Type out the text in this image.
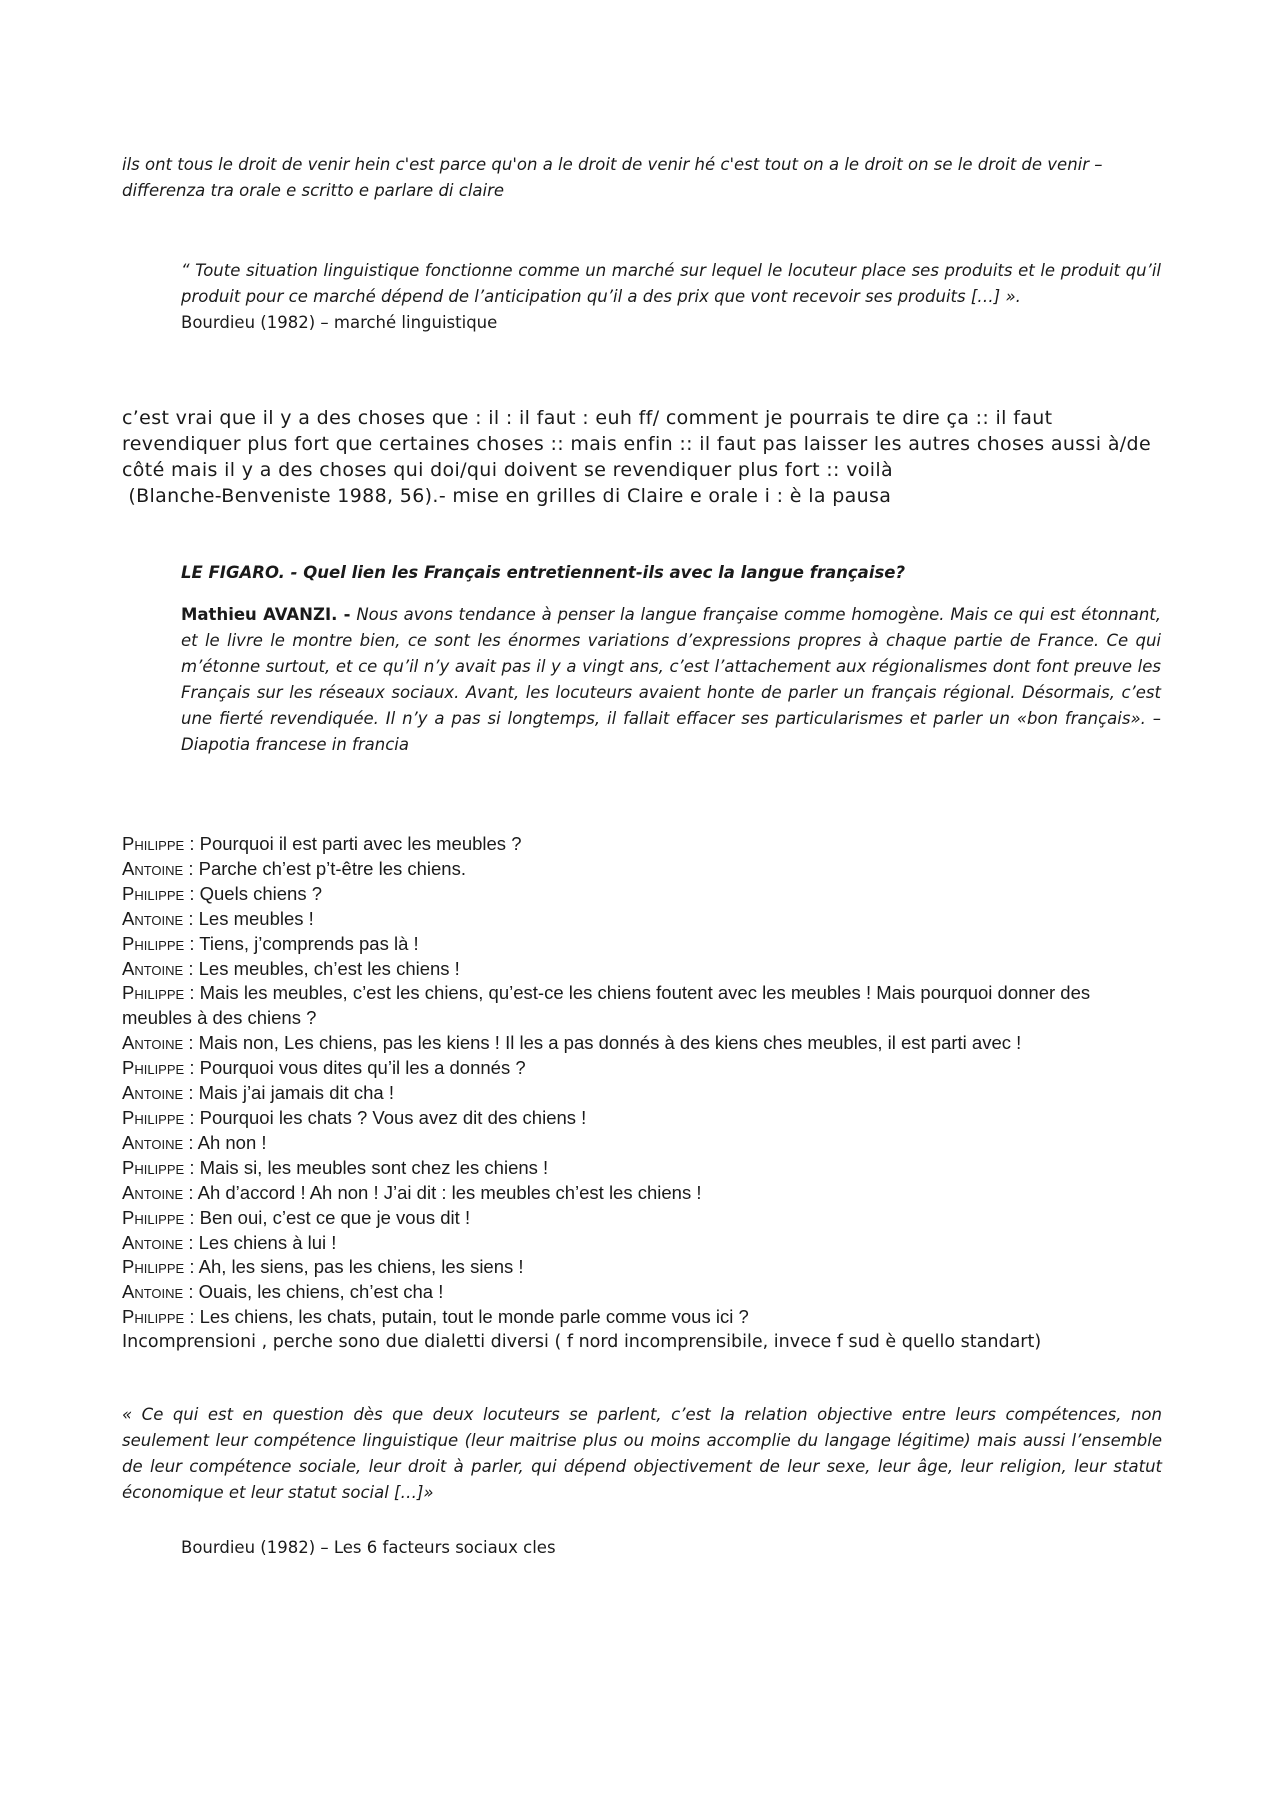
ils ont tous le droit de venir hein c'est parce qu'on a le droit de venir hé c'est tout on a le droit on se le droit de venir – differenza tra orale e scritto e parlare di claire

“ Toute situation linguistique fonctionne comme un marché sur lequel le locuteur place ses produits et le produit qu’il produit pour ce marché dépend de l’anticipation qu’il a des prix que vont recevoir ses produits […] ».
Bourdieu (1982) – marché linguistique
c’est vrai que il y a des choses que : il : il faut : euh ff/ comment je pourrais te dire ça :: il faut revendiquer plus fort que certaines choses :: mais enfin :: il faut pas laisser les autres choses aussi à/de côté mais il y a des choses qui doi/qui doivent se revendiquer plus fort :: voilà
(Blanche-Benveniste 1988, 56).- mise en grilles di Claire e orale i : è la pausa
LE FIGARO. - Quel lien les Français entretiennent-ils avec la langue française?
Mathieu AVANZI. - Nous avons tendance à penser la langue française comme homogène. Mais ce qui est étonnant, et le livre le montre bien, ce sont les énormes variations d’expressions propres à chaque partie de France. Ce qui m’étonne surtout, et ce qu’il n’y avait pas il y a vingt ans, c’est l’attachement aux régionalismes dont font preuve les Français sur les réseaux sociaux. Avant, les locuteurs avaient honte de parler un français régional. Désormais, c’est une fierté revendiquée. Il n’y a pas si longtemps, il fallait effacer ses particularismes et parler un «bon français». – Diapotia francese in francia
Philippe : Pourquoi il est parti avec les meubles ?
Antoine : Parche ch’est p’t-être les chiens.
Philippe : Quels chiens ?
Antoine : Les meubles !
Philippe : Tiens, j’comprends pas là !
Antoine : Les meubles, ch’est les chiens !
Philippe : Mais les meubles, c’est les chiens, qu’est-ce les chiens foutent avec les meubles ! Mais pourquoi donner des meubles à des chiens ?
Antoine : Mais non, Les chiens, pas les kiens ! Il les a pas donnés à des kiens ches meubles, il est parti avec !
Philippe : Pourquoi vous dites qu’il les a donnés ?
Antoine : Mais j’ai jamais dit cha !
Philippe : Pourquoi les chats ? Vous avez dit des chiens !
Antoine : Ah non !
Philippe : Mais si, les meubles sont chez les chiens !
Antoine : Ah d’accord ! Ah non ! J’ai dit : les meubles ch’est les chiens !
Philippe : Ben oui, c’est ce que je vous dit !
Antoine : Les chiens à lui !
Philippe : Ah, les siens, pas les chiens, les siens !
Antoine : Ouais, les chiens, ch’est cha !
Philippe : Les chiens, les chats, putain, tout le monde parle comme vous ici ?
Incomprensioni , perche sono due dialetti diversi ( f nord incomprensibile, invece f sud è quello standart)
« Ce qui est en question dès que deux locuteurs se parlent, c’est la relation objective entre leurs compétences, non seulement leur compétence linguistique (leur maitrise plus ou moins accomplie du langage légitime) mais aussi l’ensemble de leur compétence sociale, leur droit à parler, qui dépend objectivement de leur sexe, leur âge, leur religion, leur statut économique et leur statut social […]»
Bourdieu (1982) – Les 6 facteurs sociaux cles
